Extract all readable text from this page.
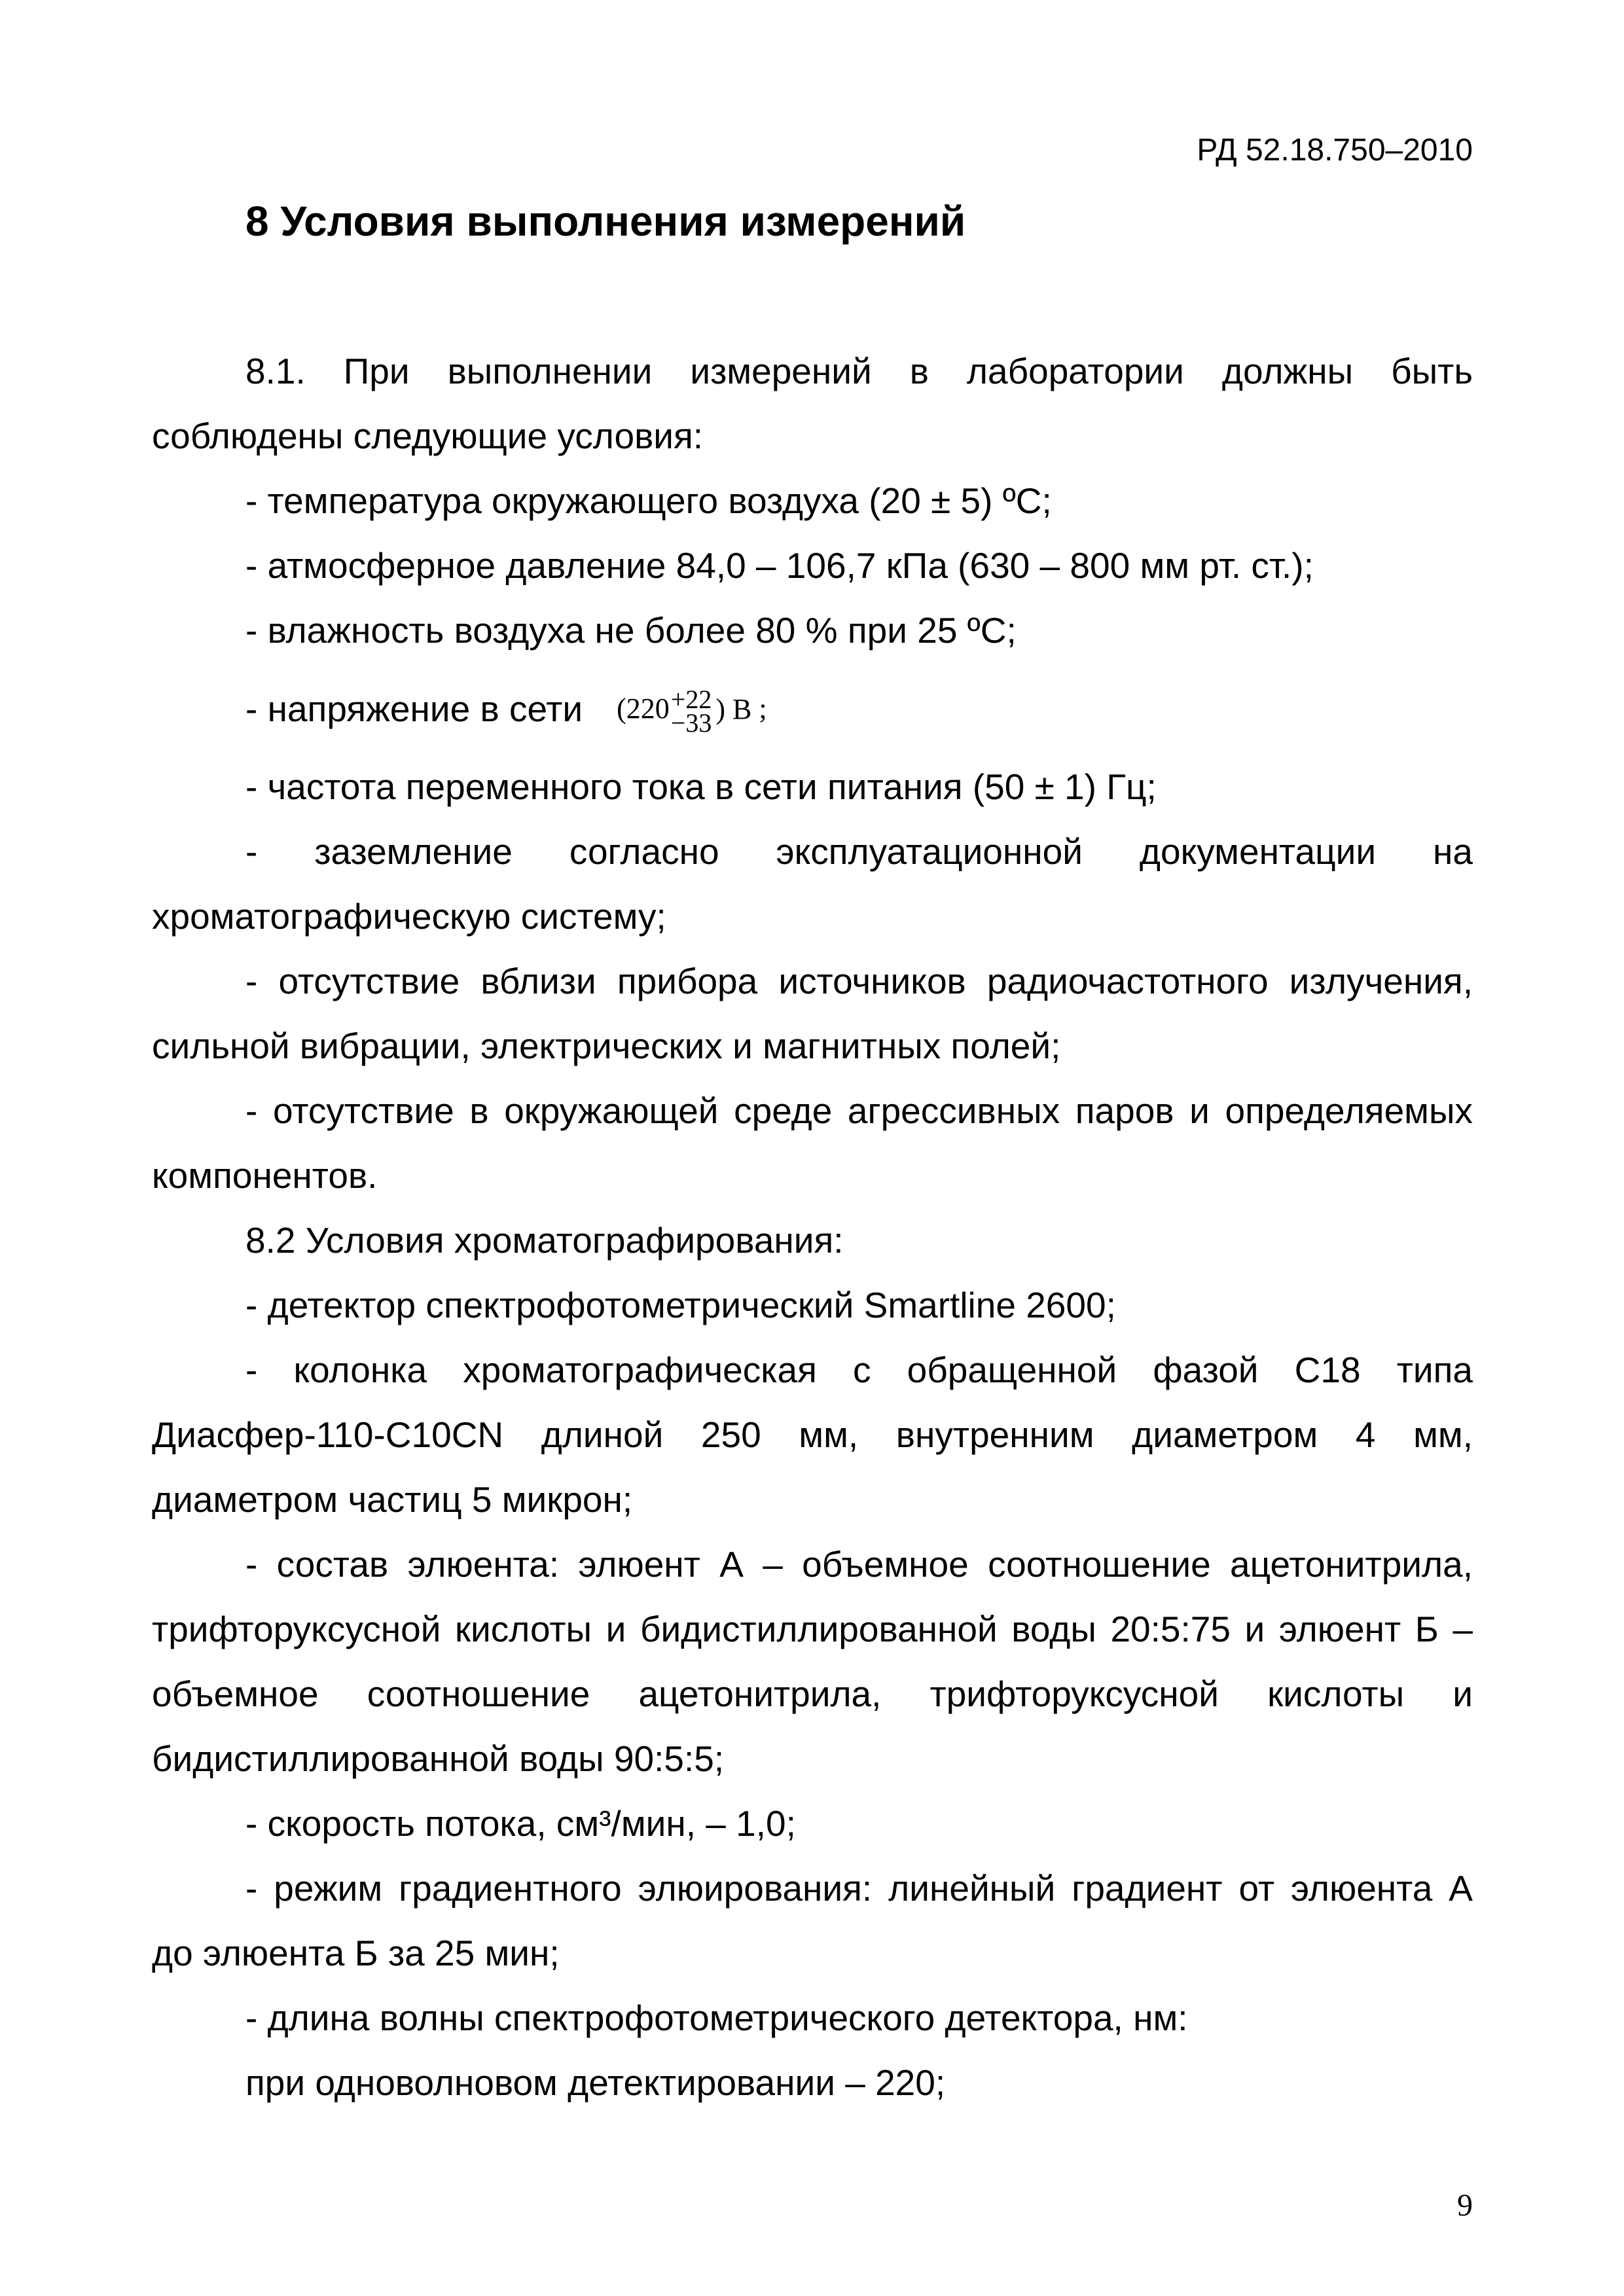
РД 52.18.750–2010
8 Условия выполнения измерений

8.1. При выполнении измерений в лаборатории должны быть соблюдены следующие условия:

- температура окружающего воздуха (20 ± 5) ºС;

- атмосферное давление 84,0 – 106,7 кПа (630 – 800 мм рт. ст.);

- влажность воздуха не более 80 % при 25 ºС;

- напряжение в сети (220 +22
−33 ) В ;

- частота переменного тока в сети питания (50 ± 1) Гц;

- заземление согласно эксплуатационной документации на хроматографическую систему;

- отсутствие вблизи прибора источников радиочастотного излучения, сильной вибрации, электрических и магнитных полей;

- отсутствие в окружающей среде агрессивных паров и определяемых компонентов.

8.2 Условия хроматографирования:

- детектор спектрофотометрический Smartline 2600;

- колонка хроматографическая с обращенной фазой С18 типа Диасфер-110-С10CN длиной 250 мм, внутренним диаметром 4 мм, диаметром частиц 5 микрон;

- состав элюента: элюент А – объемное соотношение ацетонитрила, трифторуксусной кислоты и бидистиллированной воды 20:5:75 и элюент Б – объемное соотношение ацетонитрила, трифторуксусной кислоты и бидистиллированной воды 90:5:5;

- скорость потока, см³/мин, – 1,0;

- режим градиентного элюирования: линейный градиент от элюента А до элюента Б за 25 мин;

- длина волны спектрофотометрического детектора, нм:

при одноволновом детектировании – 220;

9
